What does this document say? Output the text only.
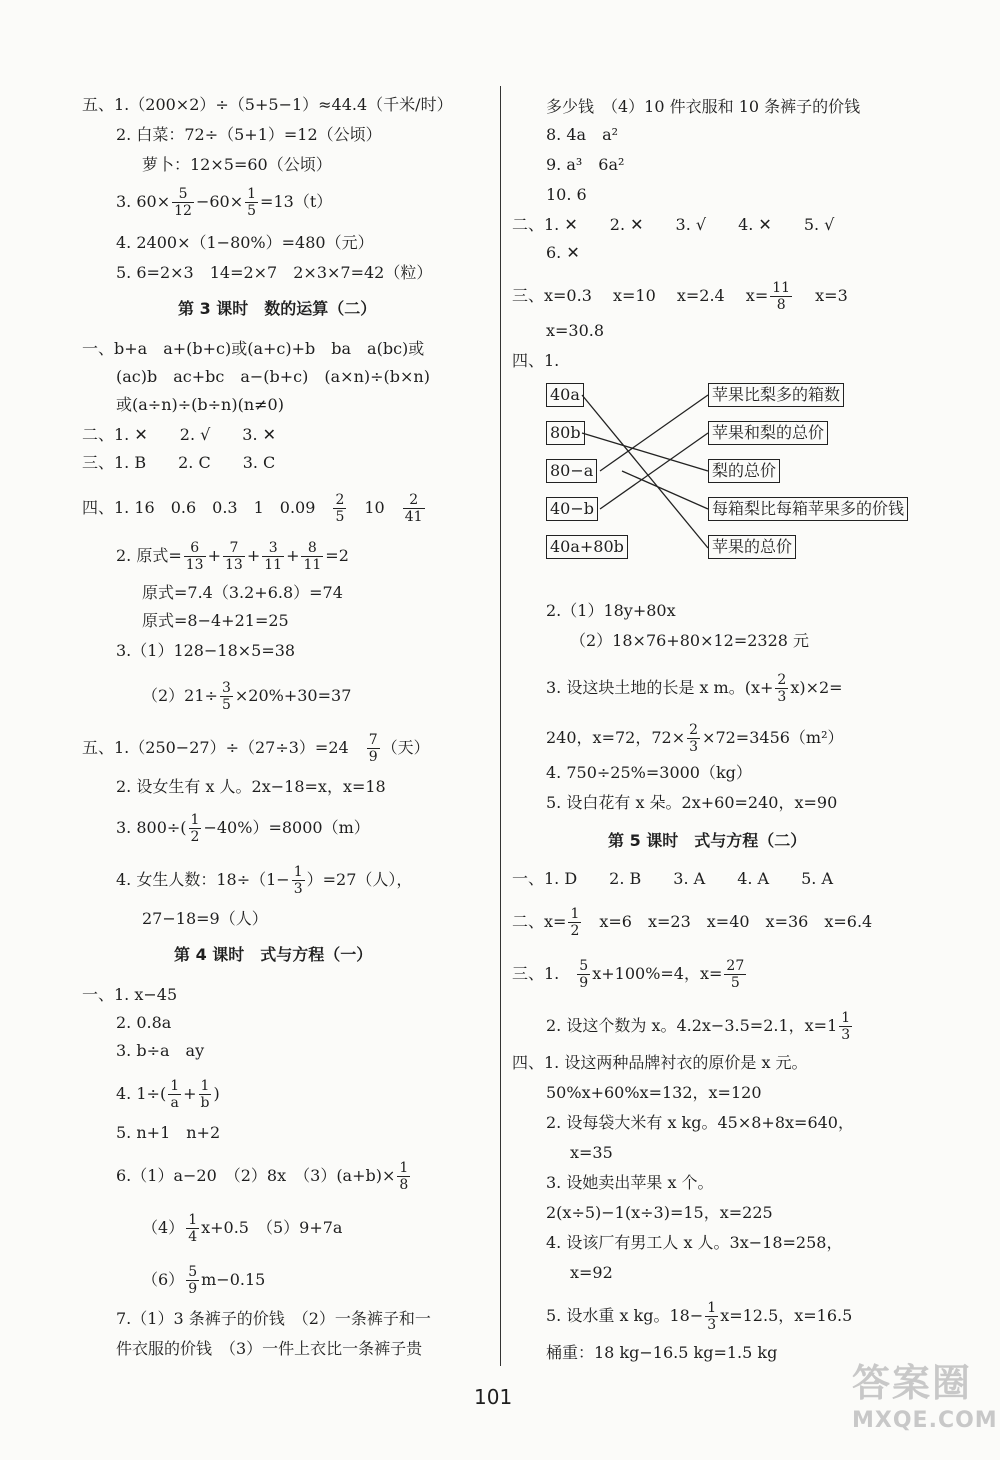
五、1.（200×2）÷（5+5−1）≈44.4（千米/时）
2. 白菜：72÷（5+1）=12（公顷）
萝卜：12×5=60（公顷）
3. $60\times \frac{5}{12} -60\times \frac{1}{5} =13(t)$
4. 2400×（1−80%）=480（元）
5. 6=2×3　14=2×7　2×3×7=42（粒）
第 3 课时　数的运算（二）
一、b+a　a+(b+c)或(a+c)+b　ba　a(bc)或
(ac)b　ac+bc　a−(b+c)　(a×n)÷(b×n)
或(a÷n)÷(b÷n)(n≠0)
二、1. ✕　　2. √　　3. ✕
三、1. B　　2. C　　3. C
四、1. 16　0.6　0.3　1　0.09　 $\frac{2}{5}$
　 10　 $\frac{2}{41}$
2. 原式= $\frac{6}{13} + \frac{7}{13} + \frac{3}{11} + \frac{8}{11} =2$
原式=7.4（3.2+6.8）=74
原式=8−4+21=25
3.（1）128−18×5=38
$(2)21\div \frac{3}{5} \times 20\%+30=37$
五、1.（250−27）÷（27÷3）=24　 $\frac{7}{9}$ （天）
2. 设女生有 x 人。2x−18=x，x=18
3. $800\div( \frac{1}{2} -40\%)=8000(m)$
4. 女生人数：$18\div(1- \frac{1}{3} )=27$（人），
27−18=9（人）
第 4 课时　式与方程（一）
一、1. x−45
2. 0.8a
3. b÷a　ay
4. $1\div( \frac{1}{a} + \frac{1}{b}$ )
5. n+1　n+2
6.（1）a−20　（2）8x　$(3)(a+b)\times \frac{1}{8}$
$(4) \frac{1}{4} x+0.5$　（5）9+7a
$(6) \frac{5}{9} m-0.15$
7.（1）3 条裤子的价钱　（2）一条裤子和一
件衣服的价钱　（3）一件上衣比一条裤子贵
多少钱　（4）10 件衣服和 10 条裤子的价钱
8. 4a　a²
9. a³　6a²
10. 6
二、1. ✕　　2. ✕　　3. √　　4. ✕　　5. √
6. ✕
三、x=0.3　 x=10　 x=2.4　 $x= \frac{11}{8}$ 　 x=3
x=30.8
四、1.
40a
80b
80−a
40−b
40a+80b
苹果比梨多的箱数
苹果和梨的总价
梨的总价
每箱梨比每箱苹果多的价钱
苹果的总价
2.（1）18y+80x
（2）18×76+80×12=2328 元
3. 设这块土地的长是 x m。$(x+ \frac{2}{3} x)\times 2=$
240，x=72，$72\times \frac{2}{3} \times 72=3456(m^2)$
4. 750÷25%=3000（kg）
5. 设白花有 x 朵。2x+60=240，x=90
第 5 课时　式与方程（二）
一、1. D　　2. B　　3. A　　4. A　　5. A
二、$x= \frac{1}{2}$ 　x=6　x=23　x=40　x=36　x=6.4
三、1.　 $\frac{5}{9} x+100\%=4$，$x= \frac{27}{5}$
2. 设这个数为 x。4.2x−3.5=2.1，$x=1 \frac{1}{3}$
四、1. 设这两种品牌衬衣的原价是 x 元。
50%x+60%x=132，x=120
2. 设每袋大米有 x kg。45×8+8x=640，
x=35
3. 设她卖出苹果 x 个。
2(x÷5)−1(x÷3)=15，x=225
4. 设该厂有男工人 x 人。3x−18=258，
x=92
5. 设水重 x kg。$18- \frac{1}{3} x=12.5$，x=16.5
桶重：18 kg−16.5 kg=1.5 kg
101	答案圈
MXQE.COM
